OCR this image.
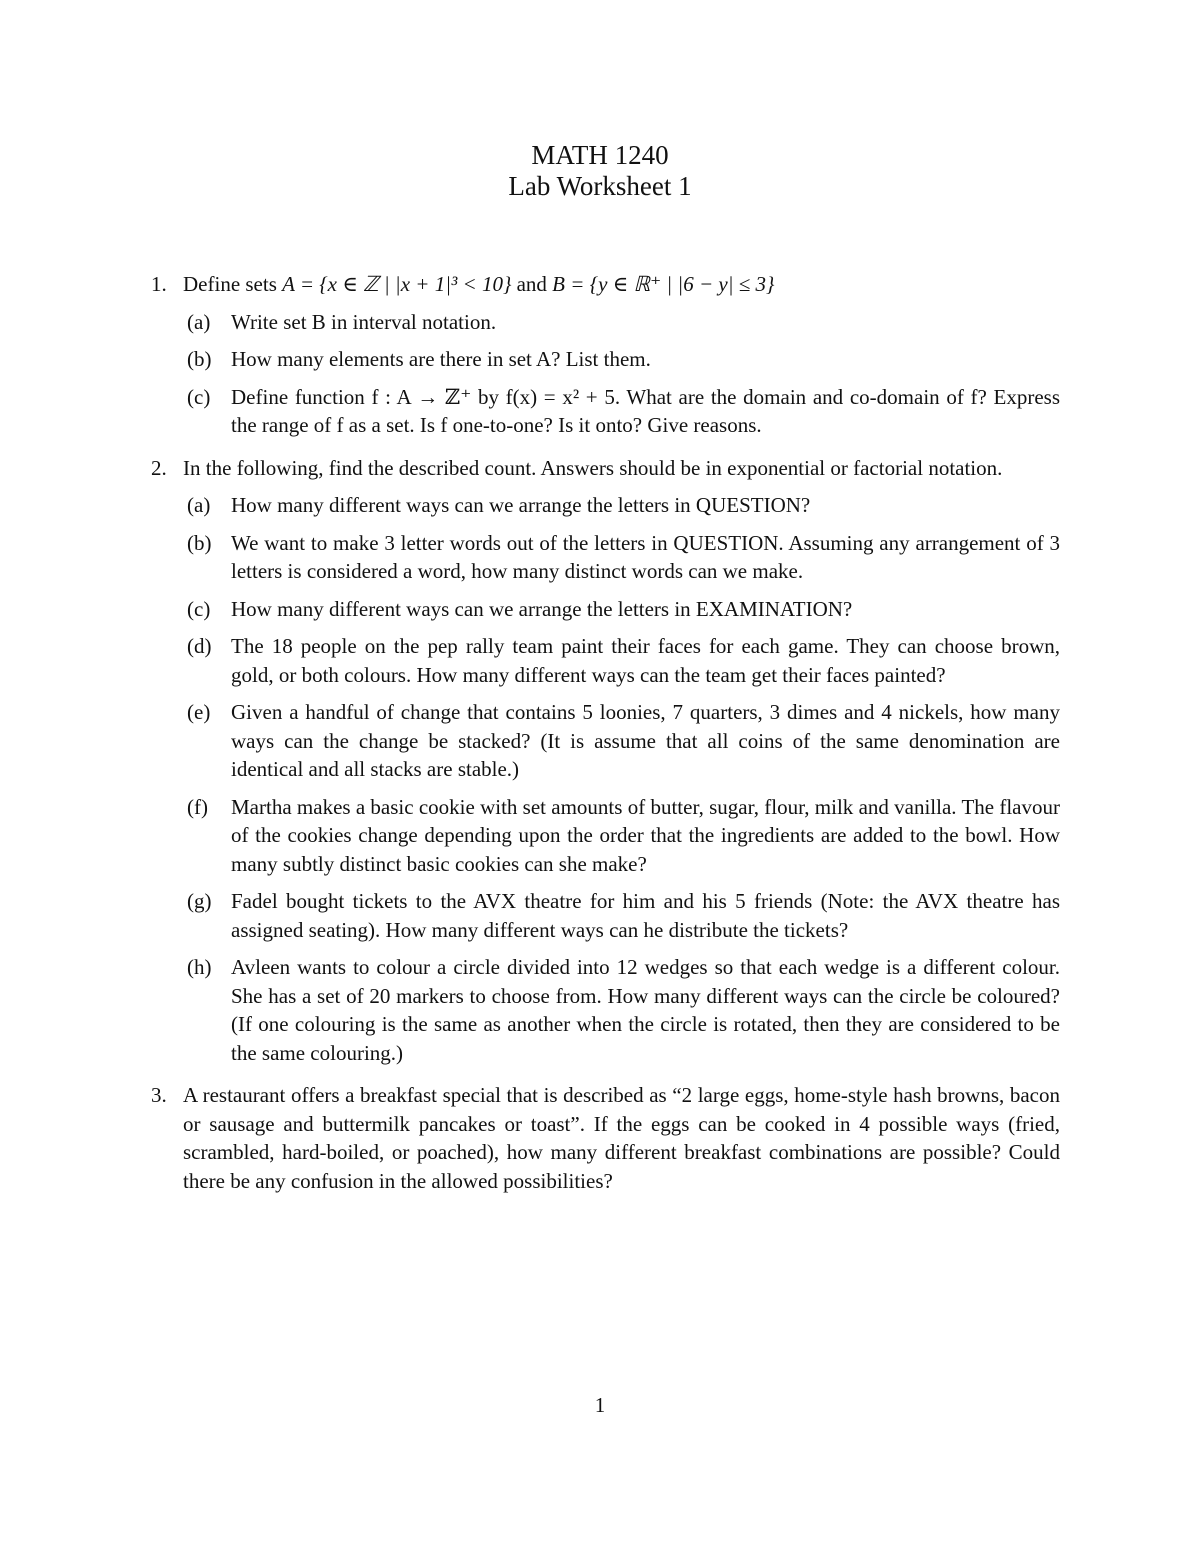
MATH 1240
Lab Worksheet 1
1. Define sets A = {x ∈ ℤ | |x + 1|³ < 10} and B = {y ∈ ℝ⁺ | |6 − y| ≤ 3}
(a) Write set B in interval notation.
(b) How many elements are there in set A? List them.
(c) Define function f : A → ℤ⁺ by f(x) = x² + 5. What are the domain and co-domain of f? Express the range of f as a set. Is f one-to-one? Is it onto? Give reasons.
2. In the following, find the described count. Answers should be in exponential or factorial notation.
(a) How many different ways can we arrange the letters in QUESTION?
(b) We want to make 3 letter words out of the letters in QUESTION. Assuming any arrangement of 3 letters is considered a word, how many distinct words can we make.
(c) How many different ways can we arrange the letters in EXAMINATION?
(d) The 18 people on the pep rally team paint their faces for each game. They can choose brown, gold, or both colours. How many different ways can the team get their faces painted?
(e) Given a handful of change that contains 5 loonies, 7 quarters, 3 dimes and 4 nickels, how many ways can the change be stacked? (It is assume that all coins of the same denomination are identical and all stacks are stable.)
(f) Martha makes a basic cookie with set amounts of butter, sugar, flour, milk and vanilla. The flavour of the cookies change depending upon the order that the ingredients are added to the bowl. How many subtly distinct basic cookies can she make?
(g) Fadel bought tickets to the AVX theatre for him and his 5 friends (Note: the AVX theatre has assigned seating). How many different ways can he distribute the tickets?
(h) Avleen wants to colour a circle divided into 12 wedges so that each wedge is a different colour. She has a set of 20 markers to choose from. How many different ways can the circle be coloured? (If one colouring is the same as another when the circle is rotated, then they are considered to be the same colouring.)
3. A restaurant offers a breakfast special that is described as “2 large eggs, home-style hash browns, bacon or sausage and buttermilk pancakes or toast”. If the eggs can be cooked in 4 possible ways (fried, scrambled, hard-boiled, or poached), how many different breakfast combinations are possible? Could there be any confusion in the allowed possibilities?
1
